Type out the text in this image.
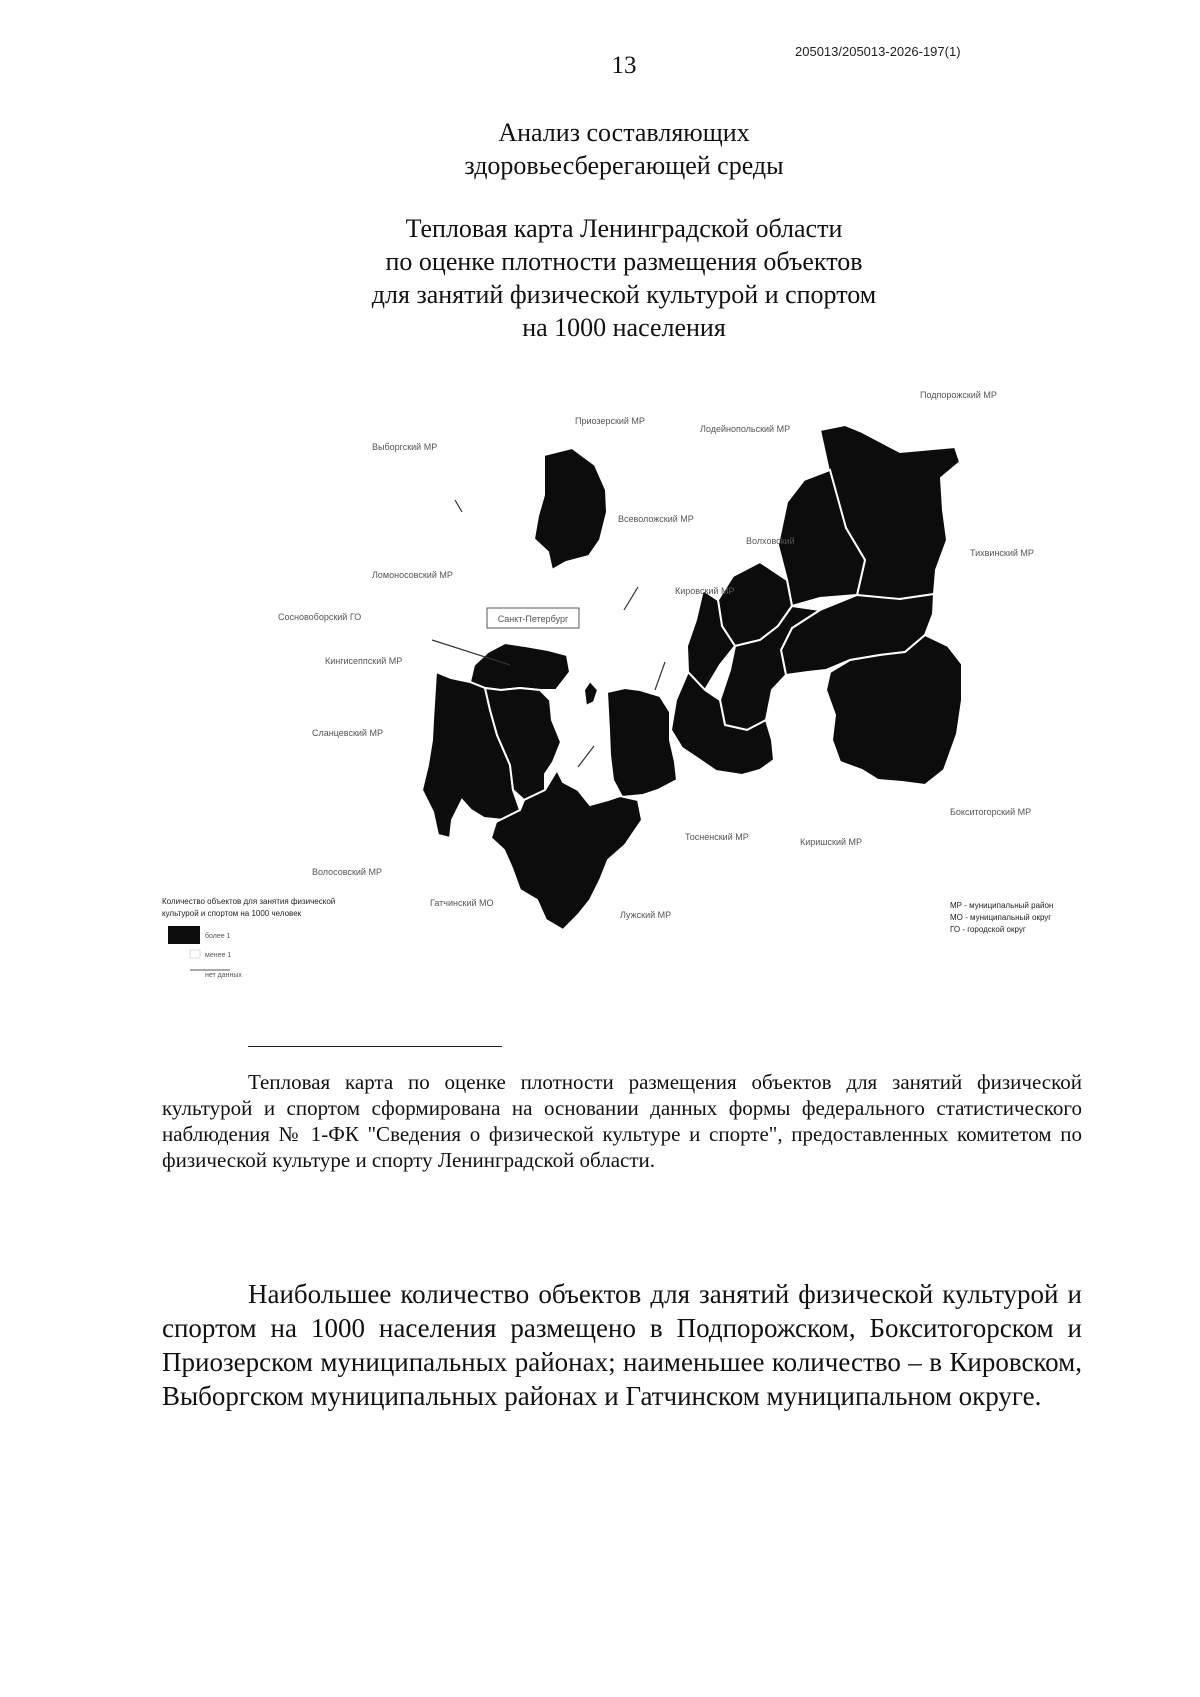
205013/205013-2026-197(1)
13
Анализ составляющих
здоровьесберегающей среды
Тепловая карта Ленинградской области
по оценке плотности размещения объектов
для занятий физической культурой и спортом
на 1000 населения
Санкт-Петербург
Выборгский МР
Приозерский МР
Подпорожский МР
Лодейнопольский МР
Всеволожский МР
Волховский
Тихвинский МР
Ломоносовский МР
Сосновоборский ГО
Кингисеппский МР
Кировский МР
Сланцевский МР
Бокситогорский МР
Тосненский МР	Киришский МР
Волосовский МР
Гатчинский МО
Лужский МР
Количество объектов для занятия физической
культурой и спортом на 1000 человек
более 1
менее 1
нет данных
МР - муниципальный район
МО - муниципальный округ
ГО - городской округ
Тепловая карта по оценке плотности размещения объектов для занятий физической культурой и спортом сформирована на основании данных формы федерального статистического наблюдения № 1-ФК "Сведения о физической культуре и спорте", предоставленных комитетом по физической культуре и спорту Ленинградской области.
Наибольшее количество объектов для занятий физической культурой и спортом на 1000 населения размещено в Подпорожском, Бокситогорском и Приозерском муниципальных районах; наименьшее количество – в Кировском, Выборгском муниципальных районах и Гатчинском муниципальном округе.
